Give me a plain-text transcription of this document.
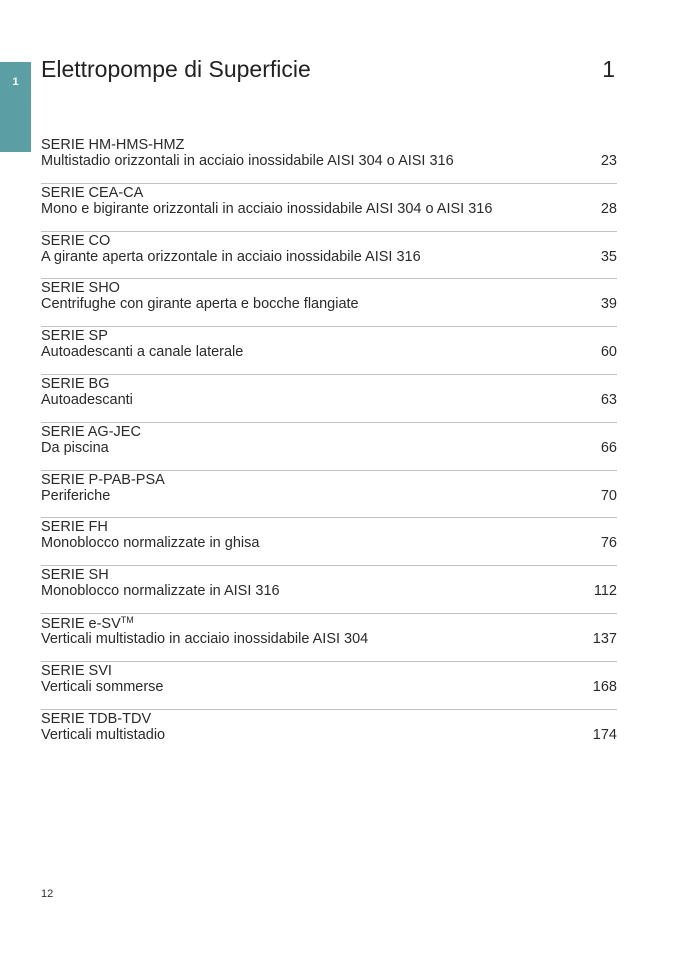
1 Elettropompe di Superficie	1
SERIE HM-HMS-HMZ
Multistadio orizzontali in acciaio inossidabile AISI 304 o AISI 316	23
SERIE CEA-CA
Mono e bigirante orizzontali in acciaio inossidabile AISI 304 o AISI 316	28
SERIE CO
A girante aperta orizzontale in acciaio inossidabile AISI 316	35
SERIE SHO
Centrifughe con girante aperta e bocche flangiate	39
SERIE SP
Autoadescanti a canale laterale	60
SERIE BG
Autoadescanti	63
SERIE AG-JEC
Da piscina	66
SERIE P-PAB-PSA
Periferiche	70
SERIE FH
Monoblocco normalizzate in ghisa	76
SERIE SH
Monoblocco normalizzate in AISI 316	112
SERIE e-SV™
Verticali multistadio in acciaio inossidabile AISI 304	137
SERIE SVI
Verticali sommerse	168
SERIE TDB-TDV
Verticali multistadio	174
12
